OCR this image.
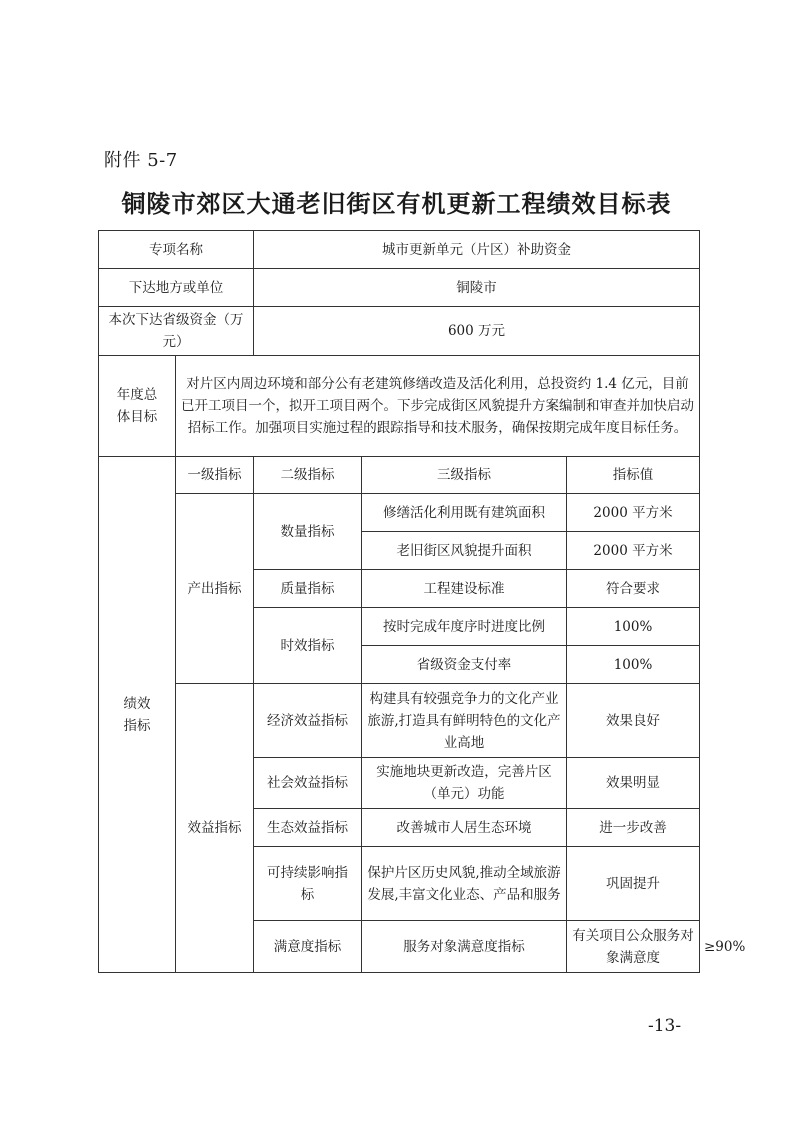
附件 5-7
铜陵市郊区大通老旧街区有机更新工程绩效目标表
专项名称		城市更新单元（片区）补助资金			
下达地方或单位		铜陵市			
本次下达省级资金（万元）		600 万元			
年度总体目标	对片区内周边环境和部分公有老建筑修缮改造及活化利用，总投资约 1.4 亿元，目前已开工项目一个，拟开工项目两个。下步完成街区风貌提升方案编制和审查并加快启动招标工作。加强项目实施过程的跟踪指导和技术服务，确保按期完成年度目标任务。				
绩效指标	一级指标	二级指标	三级指标	指标值	
	产出指标	数量指标	修缮活化利用既有建筑面积	2000 平方米	
			老旧街区风貌提升面积	2000 平方米	
		质量指标	工程建设标准	符合要求	
		时效指标	按时完成年度序时进度比例	100%	
			省级资金支付率	100%	
	效益指标	经济效益指标	构建具有较强竞争力的文化产业旅游,打造具有鲜明特色的文化产业高地	效果良好	
		社会效益指标	实施地块更新改造，完善片区（单元）功能	效果明显	
		生态效益指标	改善城市人居生态环境	进一步改善	
		可持续影响指标	保护片区历史风貌,推动全域旅游发展,丰富文化业态、产品和服务	巩固提升	
		满意度指标	服务对象满意度指标	有关项目公众服务对象满意度	≥90%
-13-
